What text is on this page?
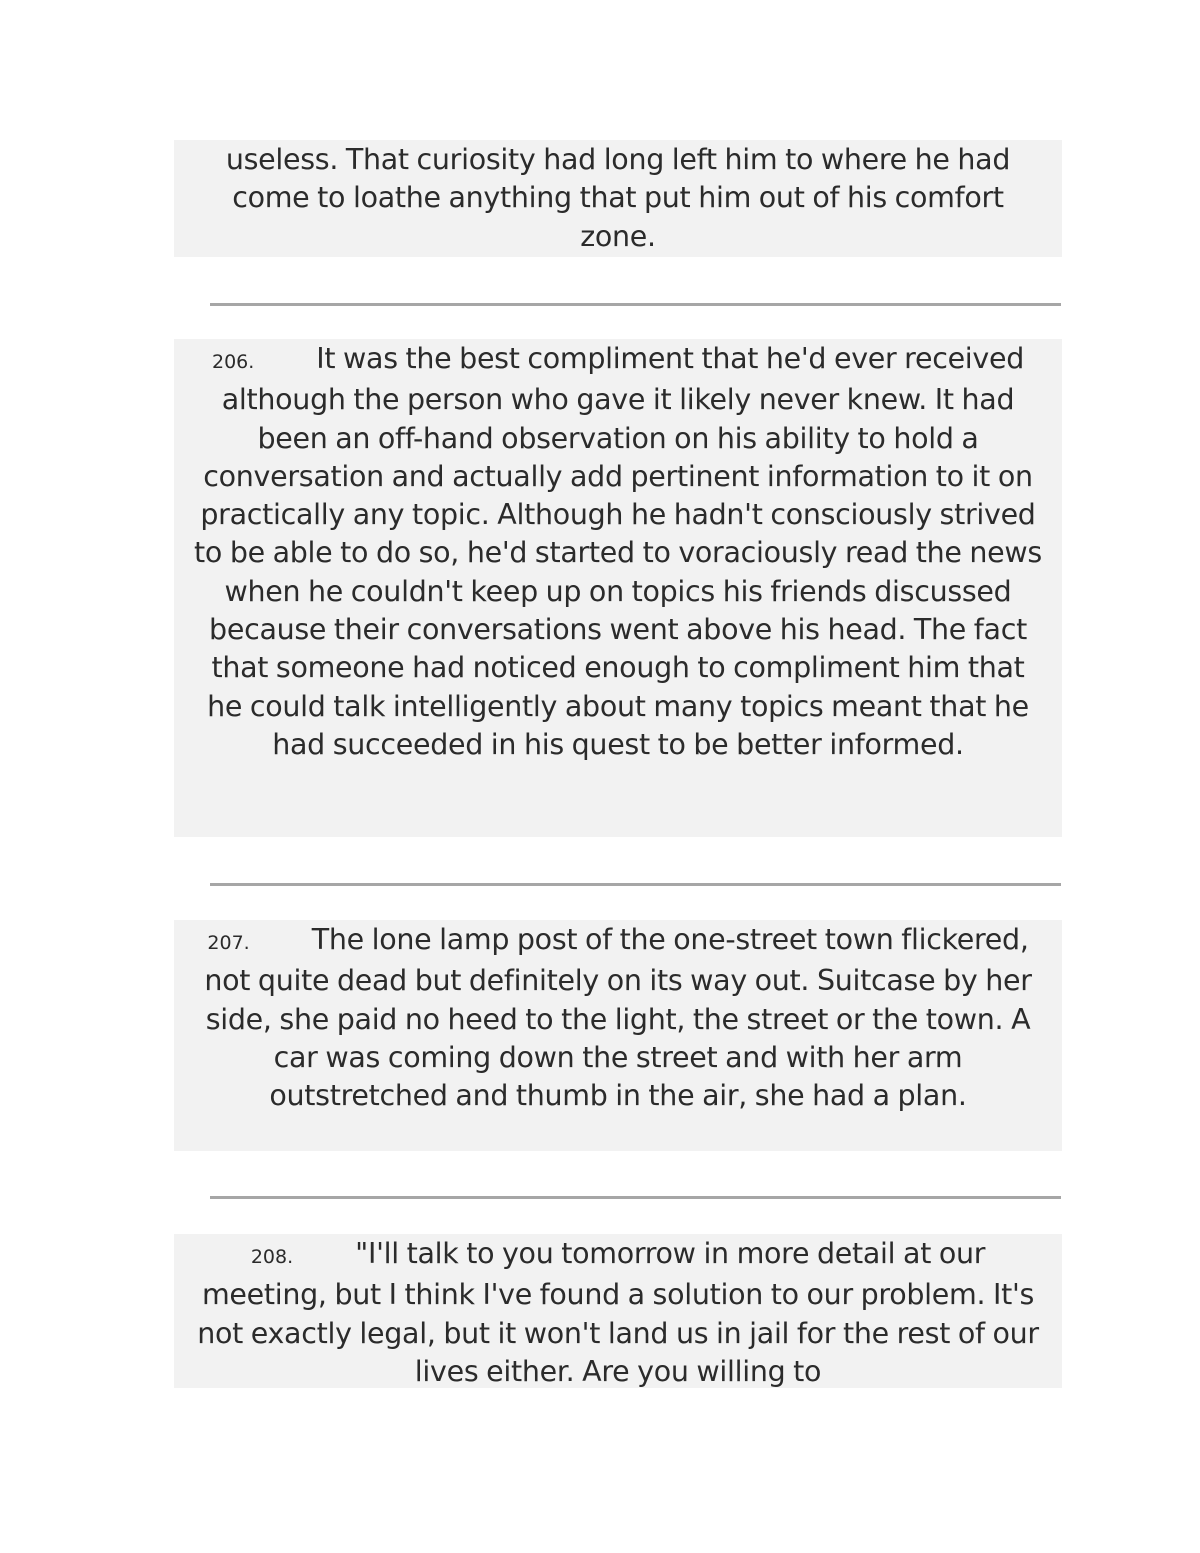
useless. That curiosity had long left him to where he had come to loathe anything that put him out of his comfort zone.
206. It was the best compliment that he'd ever received although the person who gave it likely never knew. It had been an off-hand observation on his ability to hold a conversation and actually add pertinent information to it on practically any topic. Although he hadn't consciously strived to be able to do so, he'd started to voraciously read the news when he couldn't keep up on topics his friends discussed because their conversations went above his head. The fact that someone had noticed enough to compliment him that he could talk intelligently about many topics meant that he had succeeded in his quest to be better informed.
207. The lone lamp post of the one-street town flickered, not quite dead but definitely on its way out. Suitcase by her side, she paid no heed to the light, the street or the town. A car was coming down the street and with her arm outstretched and thumb in the air, she had a plan.
208. "I'll talk to you tomorrow in more detail at our meeting, but I think I've found a solution to our problem. It's not exactly legal, but it won't land us in jail for the rest of our lives either. Are you willing to
